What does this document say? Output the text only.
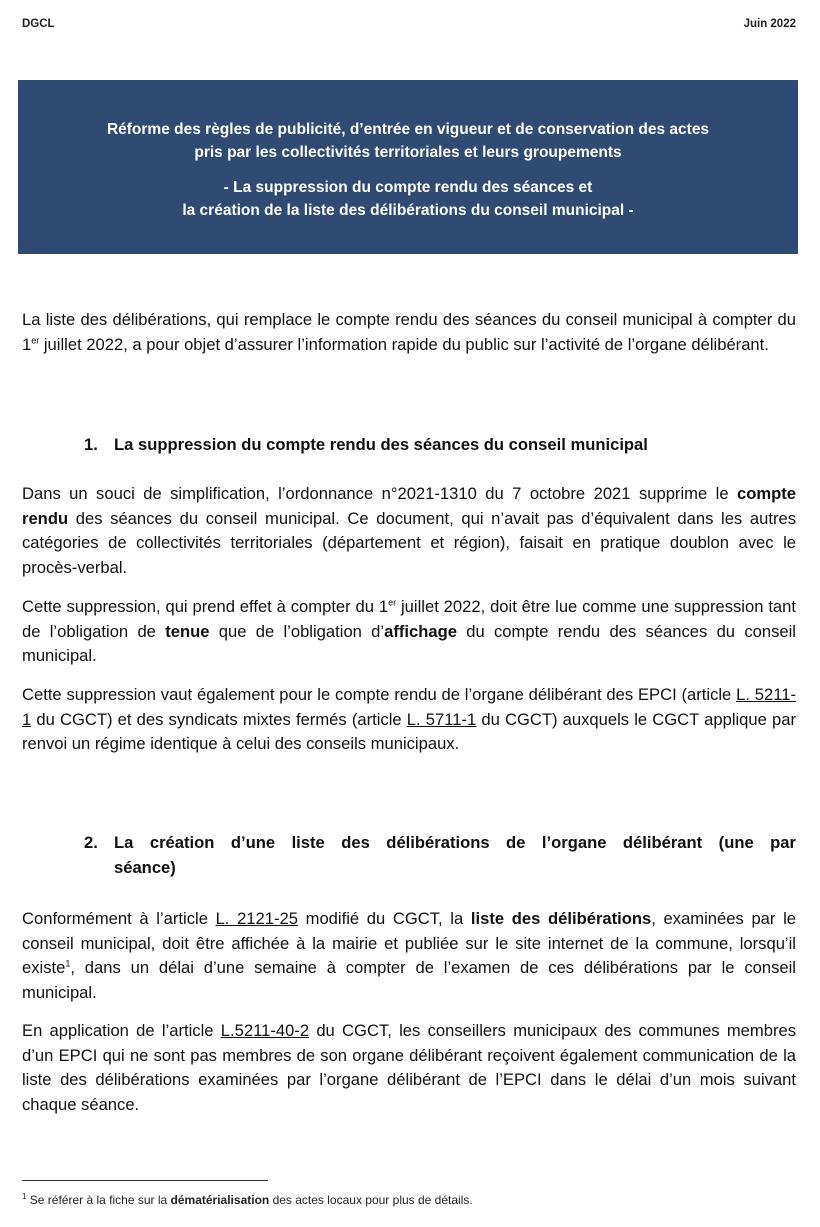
DGCL	Juin 2022

Réforme des règles de publicité, d’entrée en vigueur et de conservation des actes

pris par les collectivités territoriales et leurs groupements

- La suppression du compte rendu des séances et

la création de la liste des délibérations du conseil municipal -

La liste des délibérations, qui remplace le compte rendu des séances du conseil municipal à compter du 1er juillet 2022, a pour objet d’assurer l’information rapide du public sur l’activité de l’organe délibérant.

1. La suppression du compte rendu des séances du conseil municipal

Dans un souci de simplification, l’ordonnance n°2021-1310 du 7 octobre 2021 supprime le compte rendu des séances du conseil municipal. Ce document, qui n’avait pas d’équivalent dans les autres catégories de collectivités territoriales (département et région), faisait en pratique doublon avec le procès-verbal.

Cette suppression, qui prend effet à compter du 1er juillet 2022, doit être lue comme une suppression tant de l’obligation de tenue que de l’obligation d’affichage du compte rendu des séances du conseil municipal.

Cette suppression vaut également pour le compte rendu de l’organe délibérant des EPCI (article L. 5211-1 du CGCT) et des syndicats mixtes fermés (article L. 5711-1 du CGCT) auxquels le CGCT applique par renvoi un régime identique à celui des conseils municipaux.

2. La création d’une liste des délibérations de l’organe délibérant (une par

séance)

Conformément à l’article L. 2121-25 modifié du CGCT, la liste des délibérations, examinées par le conseil municipal, doit être affichée à la mairie et publiée sur le site internet de la commune, lorsqu’il existe$^1$, dans un délai d’une semaine à compter de l’examen de ces délibérations par le conseil municipal.

En application de l’article L.5211-40-2 du CGCT, les conseillers municipaux des communes membres d’un EPCI qui ne sont pas membres de son organe délibérant reçoivent également communication de la liste des délibérations examinées par l’organe délibérant de l’EPCI dans le délai d’un mois suivant chaque séance.

$^1$ Se référer à la fiche sur la dématérialisation des actes locaux pour plus de détails.
